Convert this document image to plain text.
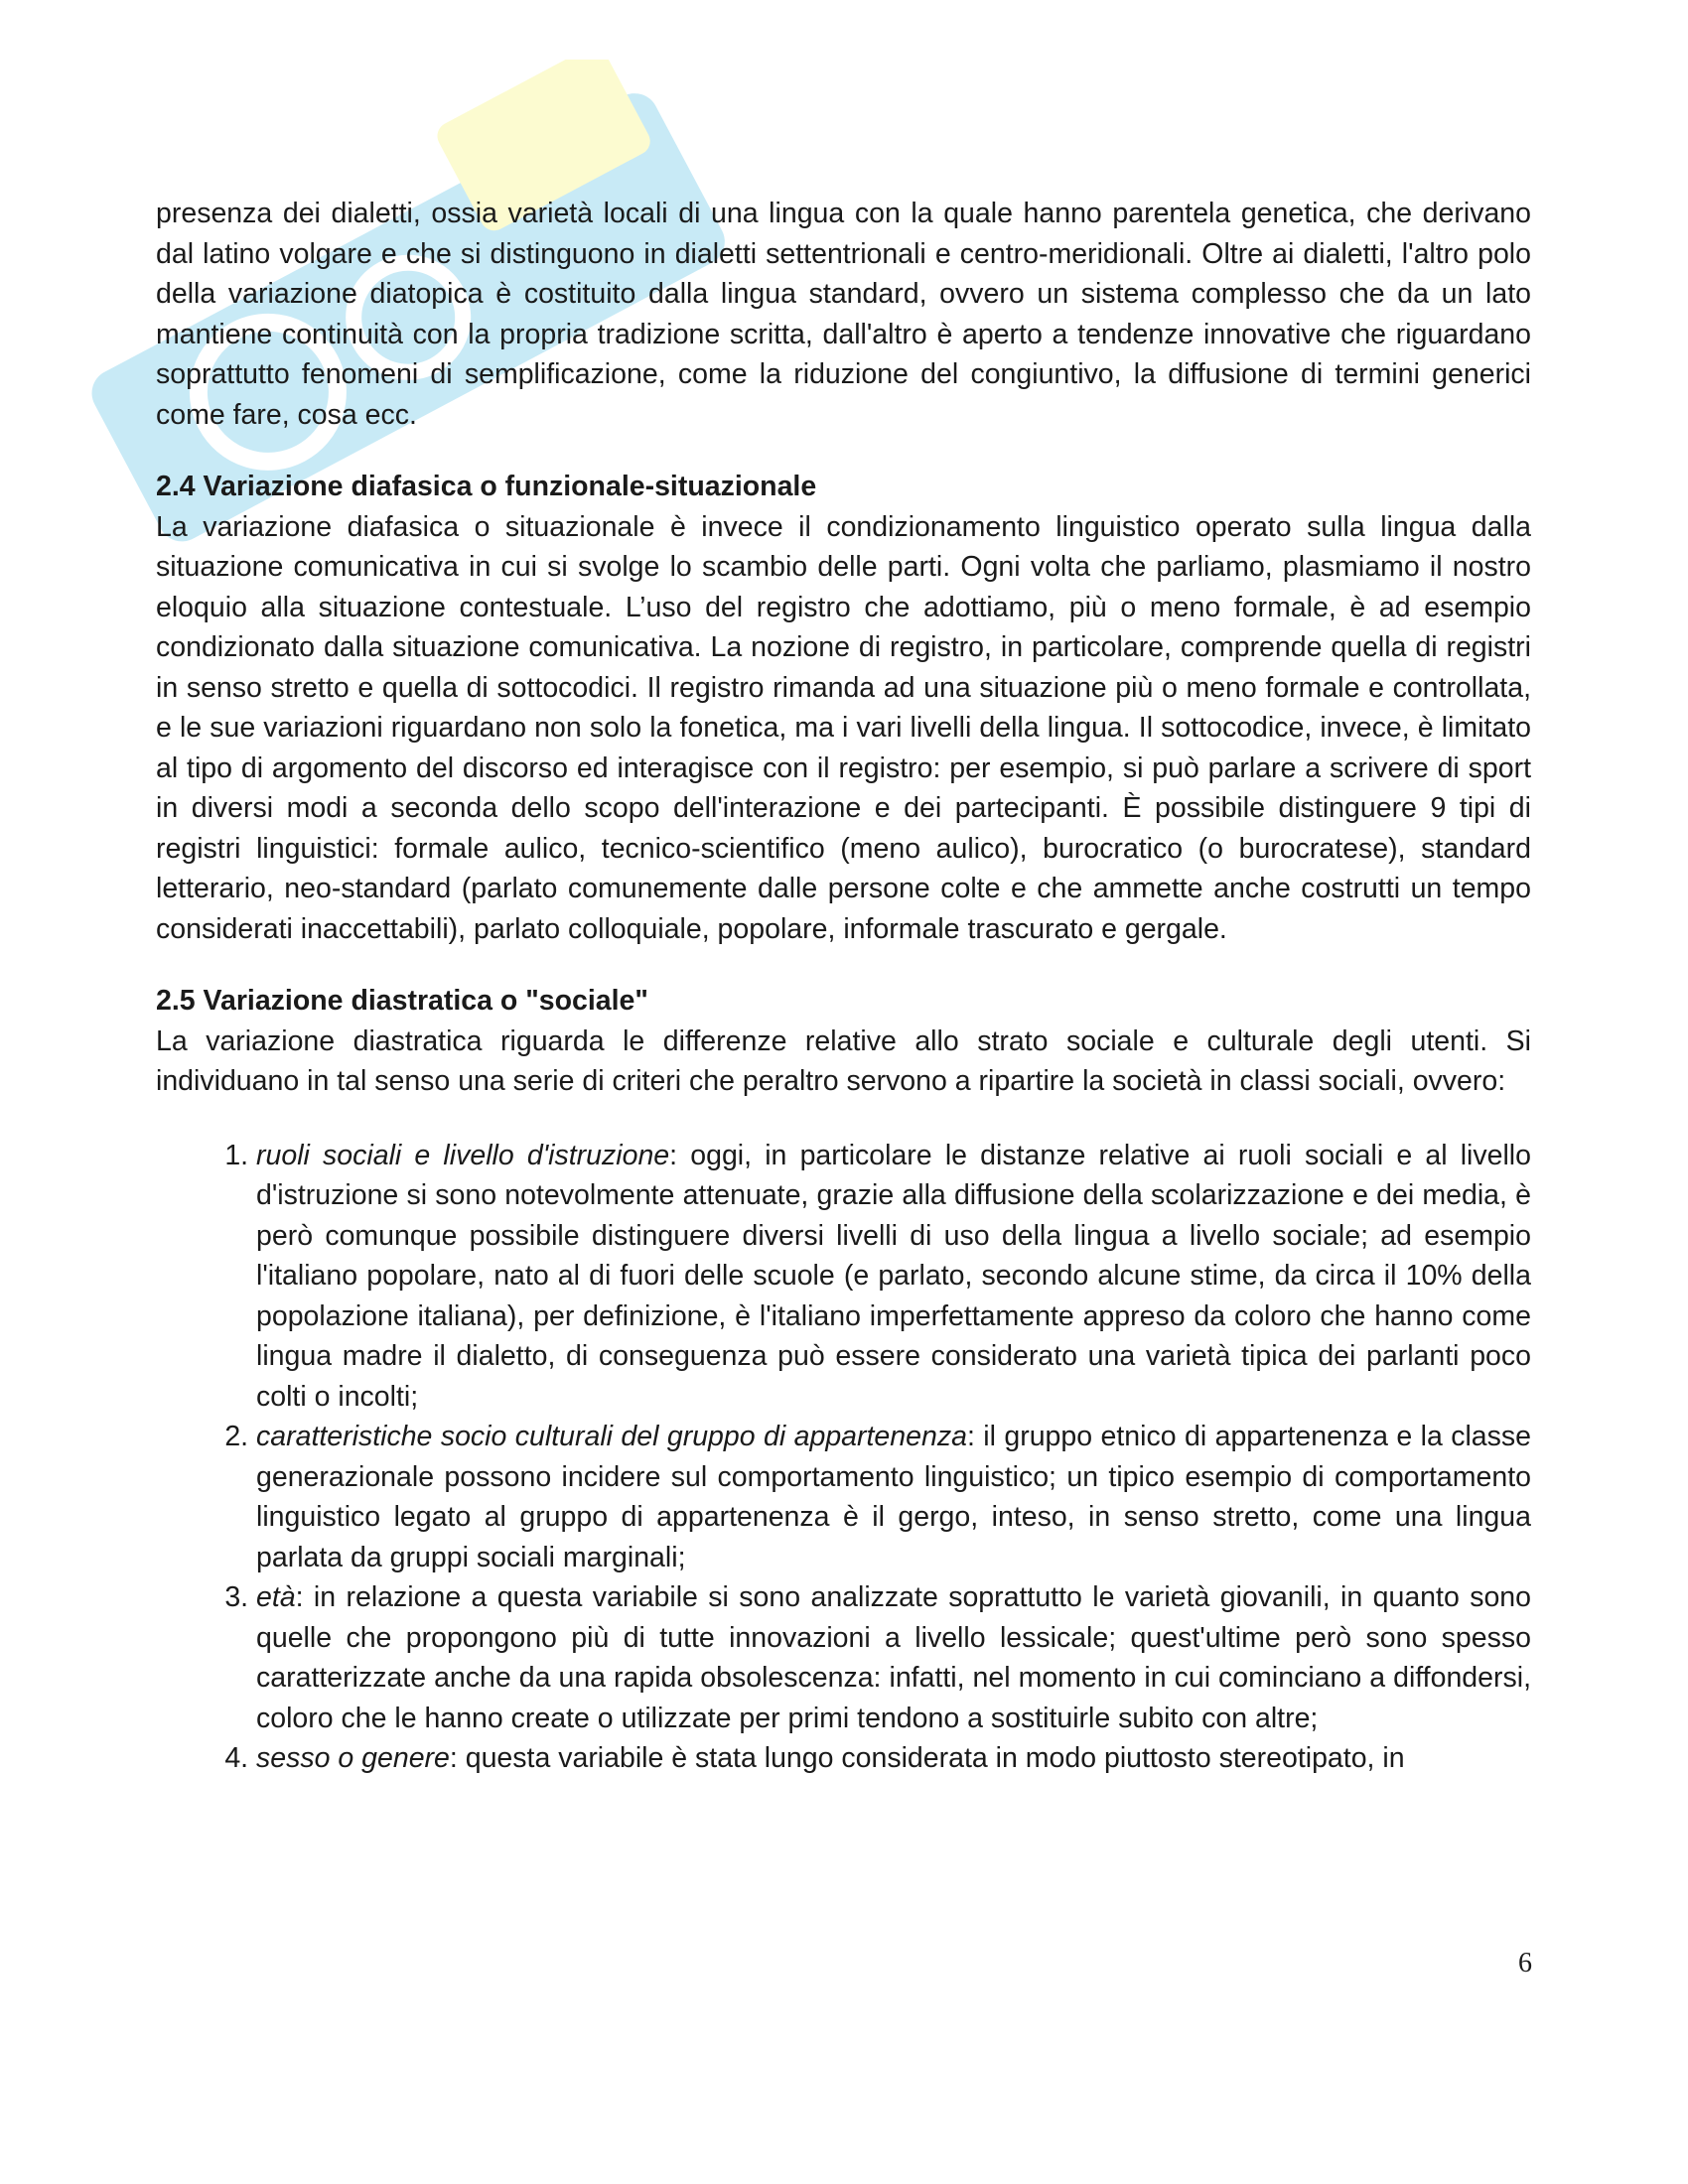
presenza dei dialetti, ossia varietà locali di una lingua con la quale hanno parentela genetica, che derivano dal latino volgare e che si distinguono in dialetti settentrionali e centro-meridionali. Oltre ai dialetti, l'altro polo della variazione diatopica è costituito dalla lingua standard, ovvero un sistema complesso che da un lato mantiene continuità con la propria tradizione scritta, dall'altro è aperto a tendenze innovative che riguardano soprattutto fenomeni di semplificazione, come la riduzione del congiuntivo, la diffusione di termini generici come fare, cosa ecc.

2.4 Variazione diafasica o funzionale-situazionale

La variazione diafasica o situazionale è invece il condizionamento linguistico operato sulla lingua dalla situazione comunicativa in cui si svolge lo scambio delle parti. Ogni volta che parliamo, plasmiamo il nostro eloquio alla situazione contestuale. L’uso del registro che adottiamo, più o meno formale, è ad esempio condizionato dalla situazione comunicativa. La nozione di registro, in particolare, comprende quella di registri in senso stretto e quella di sottocodici. Il registro rimanda ad una situazione più o meno formale e controllata, e le sue variazioni riguardano non solo la fonetica, ma i vari livelli della lingua. Il sottocodice, invece, è limitato al tipo di argomento del discorso ed interagisce con il registro: per esempio, si può parlare a scrivere di sport in diversi modi a seconda dello scopo dell'interazione e dei partecipanti. È possibile distinguere 9 tipi di registri linguistici: formale aulico, tecnico-scientifico (meno aulico), burocratico (o burocratese), standard letterario, neo-standard (parlato comunemente dalle persone colte e che ammette anche costrutti un tempo considerati inaccettabili), parlato colloquiale, popolare, informale trascurato e gergale.

2.5 Variazione diastratica o "sociale"

La variazione diastratica riguarda le differenze relative allo strato sociale e culturale degli utenti. Si individuano in tal senso una serie di criteri che peraltro servono a ripartire la società in classi sociali, ovvero:

1. ruoli sociali e livello d'istruzione: oggi, in particolare le distanze relative ai ruoli sociali e al livello d'istruzione si sono notevolmente attenuate, grazie alla diffusione della scolarizzazione e dei media, è però comunque possibile distinguere diversi livelli di uso della lingua a livello sociale; ad esempio l'italiano popolare, nato al di fuori delle scuole (e parlato, secondo alcune stime, da circa il 10% della popolazione italiana), per definizione, è l'italiano imperfettamente appreso da coloro che hanno come lingua madre il dialetto, di conseguenza può essere considerato una varietà tipica dei parlanti poco colti o incolti;
2. caratteristiche socio culturali del gruppo di appartenenza: il gruppo etnico di appartenenza e la classe generazionale possono incidere sul comportamento linguistico; un tipico esempio di comportamento linguistico legato al gruppo di appartenenza è il gergo, inteso, in senso stretto, come una lingua parlata da gruppi sociali marginali;
3. età: in relazione a questa variabile si sono analizzate soprattutto le varietà giovanili, in quanto sono quelle che propongono più di tutte innovazioni a livello lessicale; quest'ultime però sono spesso caratterizzate anche da una rapida obsolescenza: infatti, nel momento in cui cominciano a diffondersi, coloro che le hanno create o utilizzate per primi tendono a sostituirle subito con altre;
4. sesso o genere: questa variabile è stata lungo considerata in modo piuttosto stereotipato, in
6
